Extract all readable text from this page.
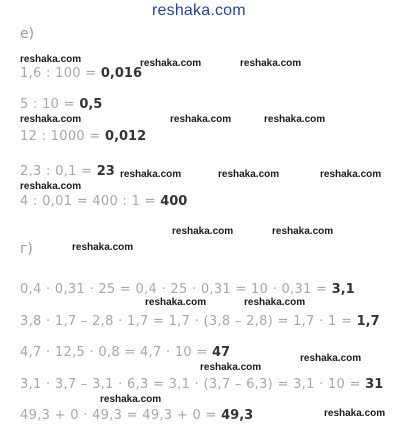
reshaka.com
е)
1,6 : 100 = 0,016
5 : 10 = 0,5
12 : 1000 = 0,012
2,3 : 0,1 = 23
4 : 0,01 = 400 : 1 = 400
г)
0,4 · 0,31 · 25 = 0,4 · 25 · 0,31 = 10 · 0,31 = 3,1
3,8 · 1,7 – 2,8 · 1,7 = 1,7 · (3,8 – 2,8) = 1,7 · 1 = 1,7
4,7 · 12,5 · 0,8 = 4,7 · 10 = 47
3,1 · 3,7 – 3,1 · 6,3 = 3,1 · (3,7 – 6,3) = 3,1 · 10 = 31
49,3 + 0 · 49,3 = 49,3 + 0 = 49,3
reshaka.com	reshaka.com	reshaka.com
reshaka.com	reshaka.com	reshaka.com
reshaka.com	reshaka.com	reshaka.com
reshaka.com
reshaka.com	reshaka.com
reshaka.com
reshaka.com	reshaka.com
reshaka.com
reshaka.com
reshaka.com
reshaka.com
